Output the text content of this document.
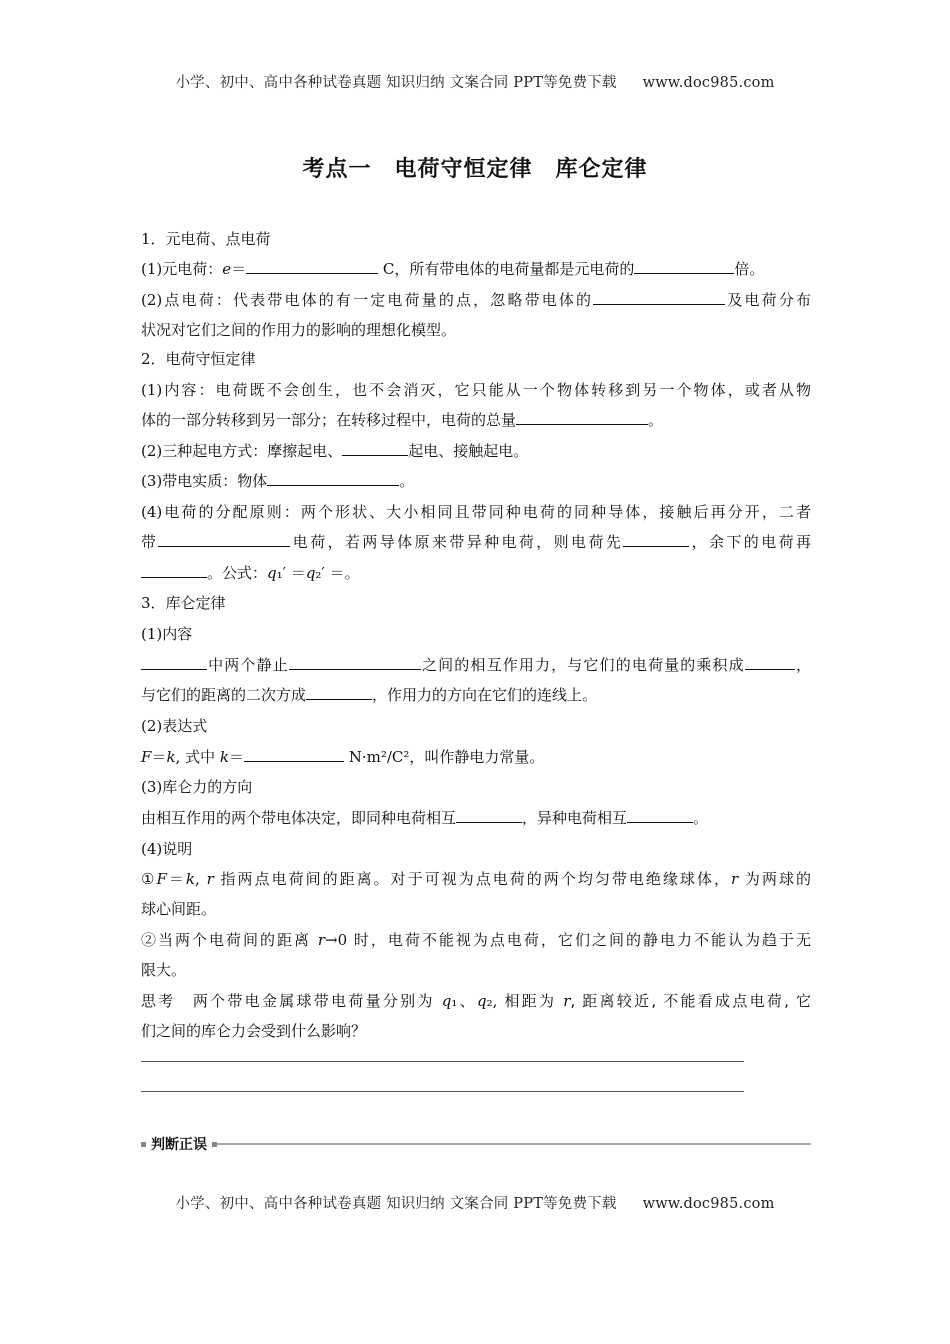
小学、初中、高中各种试卷真题 知识归纳 文案合同 PPT等免费下载 www.doc985.com
考点一　电荷守恒定律　库仑定律
1．元电荷、点电荷
(1)元电荷：e＝	C，所有带电体的电荷量都是元电荷的	倍。
(2)点电荷：代表带电体的有一定电荷量的点，忽略带电体的	及电荷分布
状况对它们之间的作用力的影响的理想化模型。
2．电荷守恒定律
(1)内容：电荷既不会创生，也不会消灭，它只能从一个物体转移到另一个物体，或者从物
体的一部分转移到另一部分；在转移过程中，电荷的总量	。
(2)三种起电方式：摩擦起电、	起电、接触起电。
(3)带电实质：物体	。
(4)电荷的分配原则：两个形状、大小相同且带同种电荷的同种导体，接触后再分开，二者
带	电荷，若两导体原来带异种电荷，则电荷先	，余下的电荷再
。公式：q₁′ ＝q₂′ ＝。
3．库仑定律
(1)内容
中两个静止	之间的相互作用力，与它们的电荷量的乘积成	，
与它们的距离的二次方成	，作用力的方向在它们的连线上。
(2)表达式
F＝k, 式中 k＝	N·m²/C²，叫作静电力常量。
(3)库仑力的方向
由相互作用的两个带电体决定，即同种电荷相互	，异种电荷相互	。
(4)说明
①F＝k, r 指两点电荷间的距离。对于可视为点电荷的两个均匀带电绝缘球体，r 为两球的
球心间距。
②当两个电荷间的距离 r→0 时，电荷不能视为点电荷，它们之间的静电力不能认为趋于无
限大。
思考　两个带电金属球带电荷量分别为 q₁、q₂, 相距为 r, 距离较近, 不能看成点电荷, 它
们之间的库仑力会受到什么影响？
判断正误
小学、初中、高中各种试卷真题 知识归纳 文案合同 PPT等免费下载 www.doc985.com
